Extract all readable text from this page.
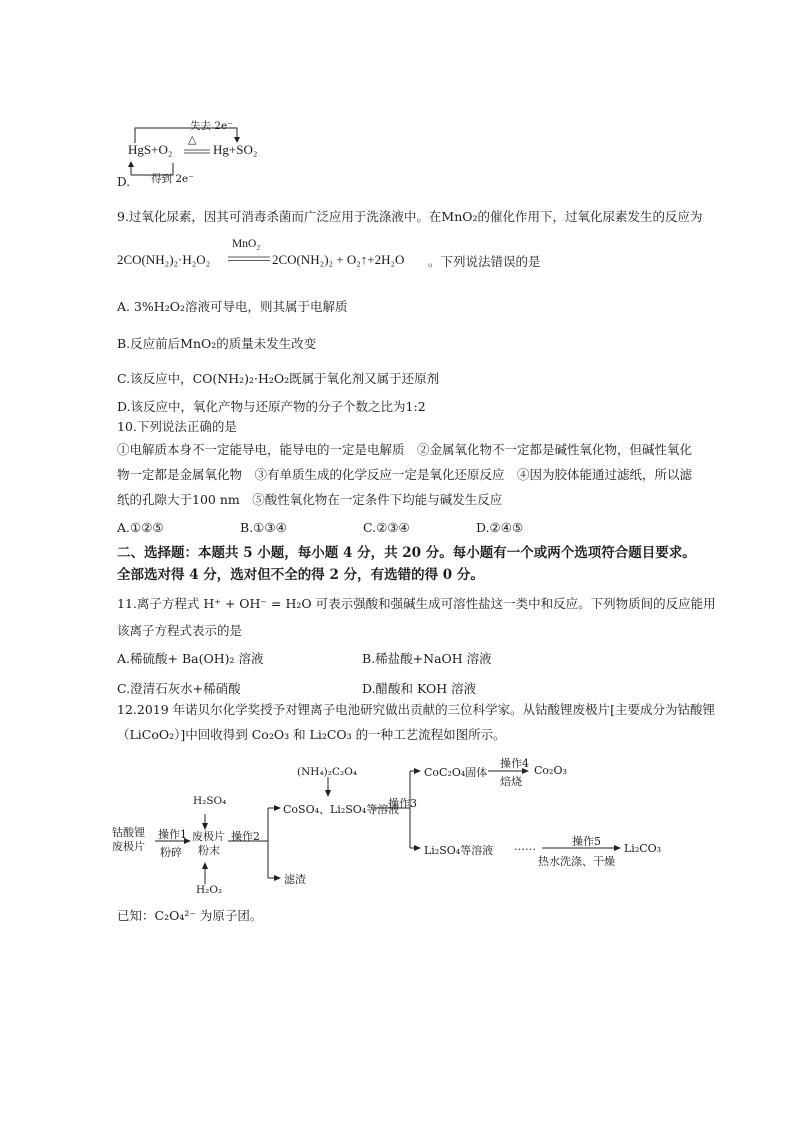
失去 2e⁻
△
HgS+O₂	Hg+SO₂
得到 2e⁻
D.
9.过氧化尿素，因其可消毒杀菌而广泛应用于洗涤液中。在MnO₂的催化作用下，过氧化尿素发生的反应为
2CO(NH₂)₂·H₂O₂
MnO₂
2CO(NH₂)₂ + O₂↑+2H₂O 。下列说法错误的是
A. 3%H₂O₂溶液可导电，则其属于电解质
B.反应前后MnO₂的质量未发生改变
C.该反应中，CO(NH₂)₂·H₂O₂既属于氧化剂又属于还原剂
D.该反应中，氧化产物与还原产物的分子个数之比为1:2
10.下列说法正确的是
①电解质本身不一定能导电，能导电的一定是电解质　②金属氧化物不一定都是碱性氧化物，但碱性氧化
物一定都是金属氧化物　③有单质生成的化学反应一定是氧化还原反应　④因为胶体能通过滤纸，所以滤
纸的孔隙大于100 nm　⑤酸性氧化物在一定条件下均能与碱发生反应
A.①②⑤	B.①③④	C.②③④	D.②④⑤
二、选择题：本题共 5 小题，每小题 4 分，共 20 分。每小题有一个或两个选项符合题目要求。
全部选对得 4 分，选对但不全的得 2 分，有选错的得 0 分。
11.离子方程式 H⁺ + OH⁻ = H₂O 可表示强酸和强碱生成可溶性盐这一类中和反应。下列物质间的反应能用
该离子方程式表示的是
A.稀硫酸+ Ba(OH)₂ 溶液	B.稀盐酸+NaOH 溶液
C.澄清石灰水+稀硝酸	D.醋酸和 KOH 溶液
12.2019 年诺贝尔化学奖授予对锂离子电池研究做出贡献的三位科学家。从钴酸锂废极片[主要成分为钴酸锂
（LiCoO₂）]中回收得到 Co₂O₃ 和 Li₂CO₃ 的一种工艺流程如图所示。
钴酸锂
废极片
操作1
粉碎
H₂SO₄
废极片
粉末
H₂O₂
操作2
CoSO₄、Li₂SO₄等溶液
滤渣
(NH₄)₂C₂O₄
操作3
CoC₂O₄固体
操作4
焙烧
Co₂O₃
Li₂SO₄等溶液 ……	操作5
热水洗涤、干燥
Li₂CO₃
已知：C₂O₄²⁻ 为原子团。
